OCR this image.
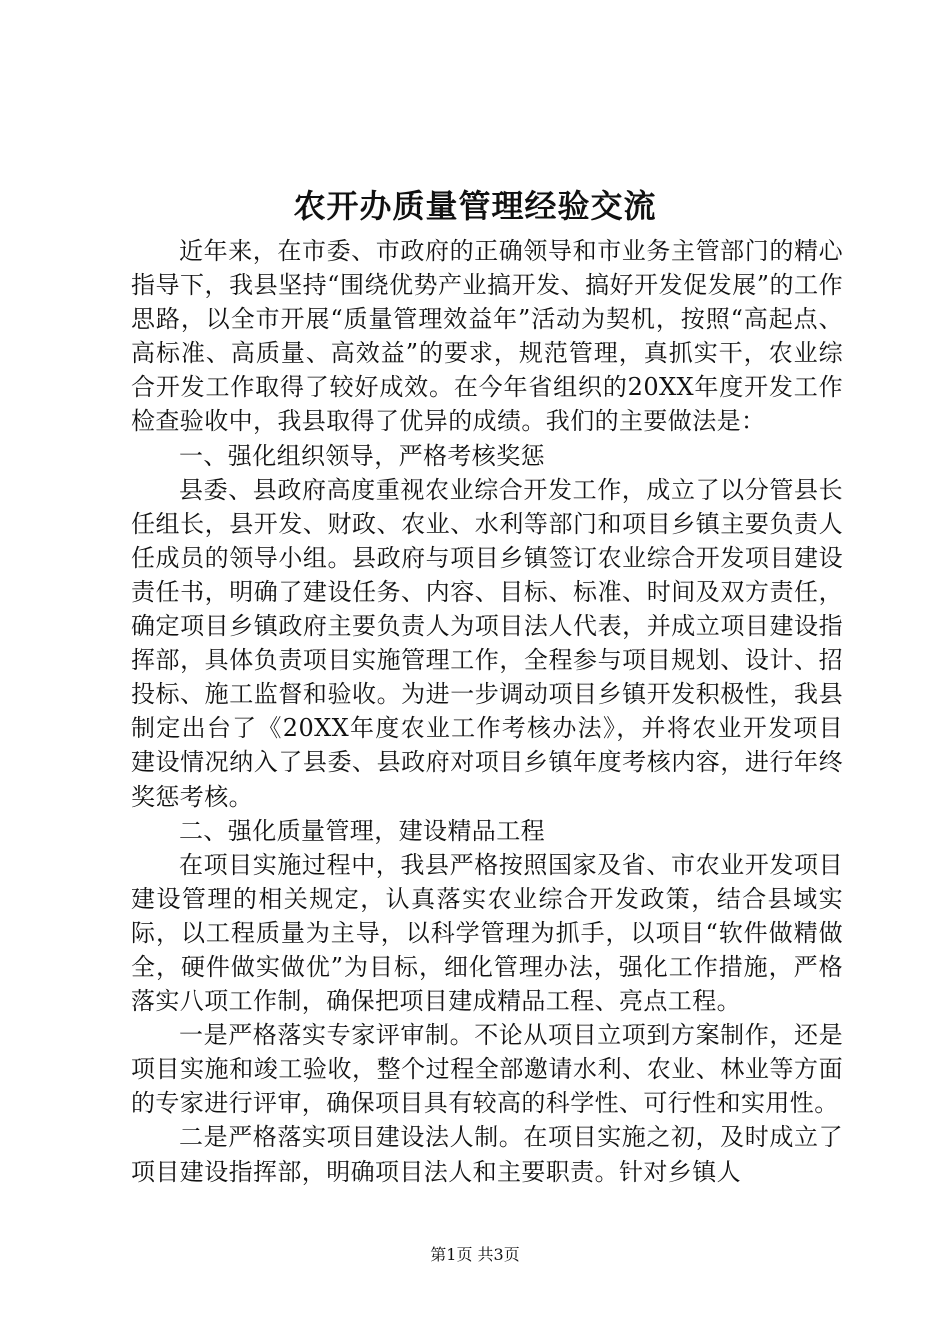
农开办质量管理经验交流

近年来，在市委、市政府的正确领导和市业务主管部门的精心指导下，我县坚持“围绕优势产业搞开发、搞好开发促发展”的工作思路，以全市开展“质量管理效益年”活动为契机，按照“高起点、高标准、高质量、高效益”的要求，规范管理，真抓实干，农业综合开发工作取得了较好成效。在今年省组织的20XX年度开发工作检查验收中，我县取得了优异的成绩。我们的主要做法是：

一、强化组织领导，严格考核奖惩

县委、县政府高度重视农业综合开发工作，成立了以分管县长任组长，县开发、财政、农业、水利等部门和项目乡镇主要负责人任成员的领导小组。县政府与项目乡镇签订农业综合开发项目建设责任书，明确了建设任务、内容、目标、标准、时间及双方责任，确定项目乡镇政府主要负责人为项目法人代表，并成立项目建设指挥部，具体负责项目实施管理工作，全程参与项目规划、设计、招投标、施工监督和验收。为进一步调动项目乡镇开发积极性，我县制定出台了《20XX年度农业工作考核办法》，并将农业开发项目建设情况纳入了县委、县政府对项目乡镇年度考核内容，进行年终奖惩考核。

二、强化质量管理，建设精品工程

在项目实施过程中，我县严格按照国家及省、市农业开发项目建设管理的相关规定，认真落实农业综合开发政策，结合县域实际，以工程质量为主导，以科学管理为抓手，以项目“软件做精做全，硬件做实做优”为目标，细化管理办法，强化工作措施，严格落实八项工作制，确保把项目建成精品工程、亮点工程。

一是严格落实专家评审制。不论从项目立项到方案制作，还是项目实施和竣工验收，整个过程全部邀请水利、农业、林业等方面的专家进行评审，确保项目具有较高的科学性、可行性和实用性。

二是严格落实项目建设法人制。在项目实施之初，及时成立了项目建设指挥部，明确项目法人和主要职责。针对乡镇人

第1页 共3页
